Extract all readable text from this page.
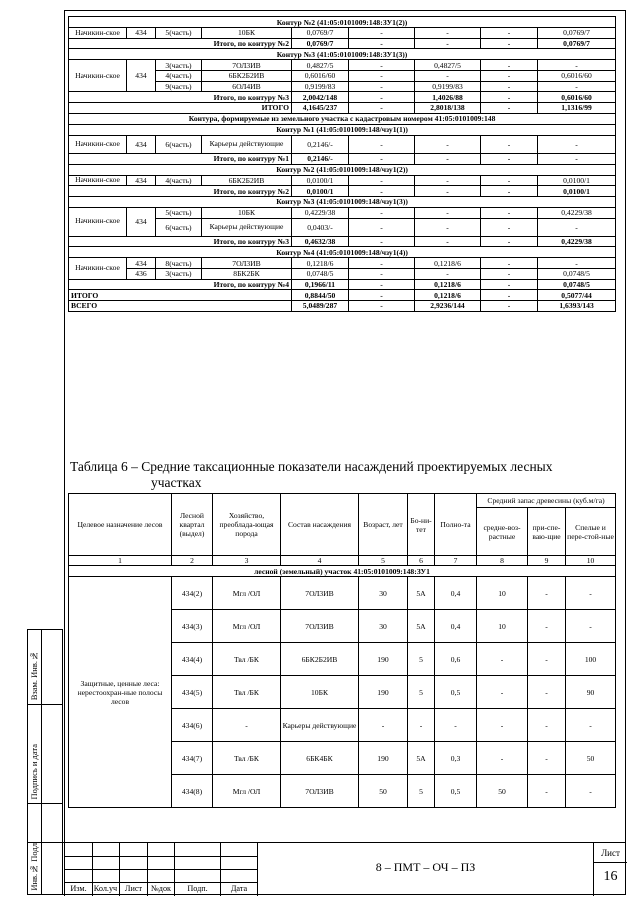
Контур №2 (41:05:0101009:148:ЗУ1(2))								
Начикин-ское	434	5(часть)	10БК	0,0769/7	-	-	-	0,0769/7
Итого, по контуру №2				0,0769/7	-	-	-	0,0769/7
Контур №3 (41:05:0101009:148:ЗУ1(3))								
Начикин-ское	434	3(часть)	7ОЛ3ИВ	0,4827/5	-	0,4827/5	-	-
		4(часть)	6БК2Б2ИВ	0,6016/60	-	-	-	0,6016/60
		9(часть)	6ОЛ4ИВ	0,9199/83	-	0,9199/83	-	-
Итого, по контуру №3				2,0042/148	-	1,4026/88	-	0,6016/60
ИТОГО				4,1645/237	-	2,8018/138	-	1,1316/99
Контура, формируемые из земельного участка с кадастровым номером 41:05:0101009:148								
Контур №1 (41:05:0101009:148/чзу1(1))								
Начикин-ское	434	6(часть)	Карьеры действующие	0,2146/-	-	-	-	-
Итого, по контуру №1				0,2146/-	-	-	-	-
Контур №2 (41:05:0101009:148/чзу1(2))								
Начикин-ское	434	4(часть)	6БК2Б2ИВ	0,0100/1	-	-	-	0,0100/1
Итого, по контуру №2				0,0100/1	-	-	-	0,0100/1
Контур №3 (41:05:0101009:148/чзу1(3))								
Начикин-ское	434	5(часть)	10БК	0,4229/38	-	-	-	0,4229/38
		6(часть)	Карьеры действующие	0,0403/-	-	-	-	-
Итого, по контуру №3				0,4632/38	-	-	-	0,4229/38
Контур №4 (41:05:0101009:148/чзу1(4))								
Начикин-ское	434	8(часть)	7ОЛ3ИВ	0,1218/6	-	0,1218/6	-	-
	436	3(часть)	8БК2БК	0,0748/5	-	-	-	0,0748/5
Итого, по контуру №4				0,1966/11	-	0,1218/6	-	0,0748/5
ИТОГО				0,8844/50	-	0,1218/6	-	0,5077/44
ВСЕГО				5,0489/287	-	2,9236/144	-	1,6393/143
Таблица 6 – Средние таксационные показатели насаждений проектируемых лесных
участках
Целевое назначение лесов	Лесной квартал (выдел)	Хозяйство, преоблада-ющая порода	Состав насаждения	Возраст, лет	Бо-ни-тет	Полно-та	Средний запас древесины (куб.м/га)		
							средне-воз-растные	при-спе-ваю-щие	Спелые и пере-стой-ные
1	2	3	4	5	6	7	8	9	10
лесной (земельный) участок 41:05:0101009:148:ЗУ1									
Защитные, ценные леса: нерестоохран-ные полосы лесов	434(2)	Мгл /ОЛ	7ОЛ3ИВ	30	5А	0,4	10	-	-
	434(3)	Мгл /ОЛ	7ОЛ3ИВ	30	5А	0,4	10	-	-
	434(4)	Твл /БК	6БК2Б2ИВ	190	5	0,6	-	-	100
	434(5)	Твл /БК	10БК	190	5	0,5	-	-	90
	434(6)	-	Карьеры действующие	-	-	-	-	-	-
	434(7)	Твл /БК	6БК4БК	190	5А	0,3	-	-	50
	434(8)	Мгл /ОЛ	7ОЛ3ИВ	50	5	0,5	50	-	-
Взам. Инв.№
Подпись и дата
Инв.№ Подл	Изм. Кол.уч Лист	№док	Подп.	Дата
8 – ПМТ – ОЧ – ПЗ
Лист
16
